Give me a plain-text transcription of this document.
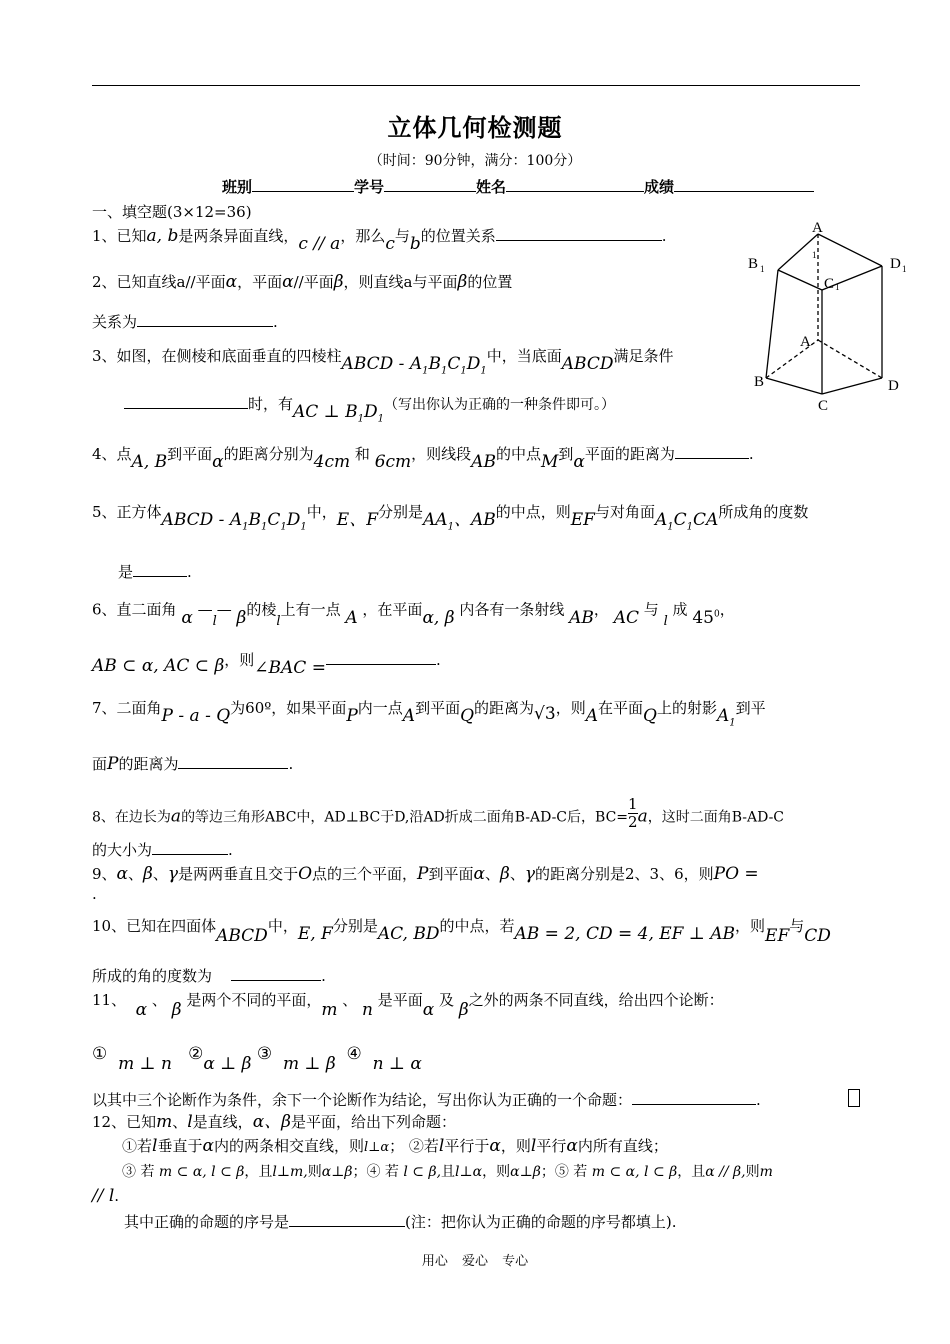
立体几何检测题
（时间：90分钟，满分：100分）
班别	学号	姓名	成绩
一、填空题(3×12=36)
A
1
B 1	D 1
C 1
A
B	D
C
1、已知a, b是两条异面直线，c // a，那么c与b的位置关系	.
2、已知直线a//平面α，平面α//平面β，则直线a与平面β的位置
关系为	.
3、如图，在侧棱和底面垂直的四棱柱ABCD - $A_1B_1C_1D_1$中，当底面ABCD满足条件
时，有AC ⊥ $B_1D_1$（写出你认为正确的一种条件即可。）
4、点A, B到平面α的距离分别为4cm 和 6cm，则线段AB的中点M到α平面的距离为	.
5、正方体ABCD - $A_1B_1C_1D_1$中，E、F分别是$AA_1$、AB的中点，则EF与对角面$A_1C_1CA$所成角的度数
是	.
6、直二面角 α —l— β的棱l上有一点 A ，在平面α, β 内各有一条射线 AB， AC 与 l 成 $45^0$，
AB ⊂ α, AC ⊂ β，则∠BAC =	.
7、二面角P - a - Q为60º，如果平面P内一点A到平面Q的距离为√3，则A在平面Q上的射影$A_1$到平
面P的距离为	.
8、在边长为a的等边三角形ABC中，AD⊥BC于D,沿AD折成二面角B-AD-C后，$BC= \frac{1}{2}$ a，这时二面角B-AD-C
的大小为	.
9、α、β、γ是两两垂直且交于O点的三个平面，P到平面α、β、γ的距离分别是2、3、6，则PO =
.
10、已知在四面体ABCD中，E, F分别是AC, BD的中点，若AB = 2, CD = 4, EF ⊥ AB，则EF与CD
所成的角的度数为	.
11、 α 、 β 是两个不同的平面，m 、 n 是平面α 及 β之外的两条不同直线，给出四个论断：
① m ⊥ n ②α ⊥ β ③ m ⊥ β ④ n ⊥ α
以其中三个论断作为条件，余下一个论断作为结论，写出你认为正确的一个命题：	.
12、已知m、l是直线，α、β是平面，给出下列命题：
①若l垂直于α内的两条相交直线，则l⊥α； ②若l平行于α，则l平行α内所有直线；
③ 若 m ⊂ α, l ⊂ β，且l⊥m,则α⊥β；④ 若 l ⊂ β,且l⊥α，则α⊥β；⑤ 若 m ⊂ α, l ⊂ β，且α // β,则m
// l.
其中正确的命题的序号是	(注：把你认为正确的命题的序号都填上).
用心 爱心 专心
